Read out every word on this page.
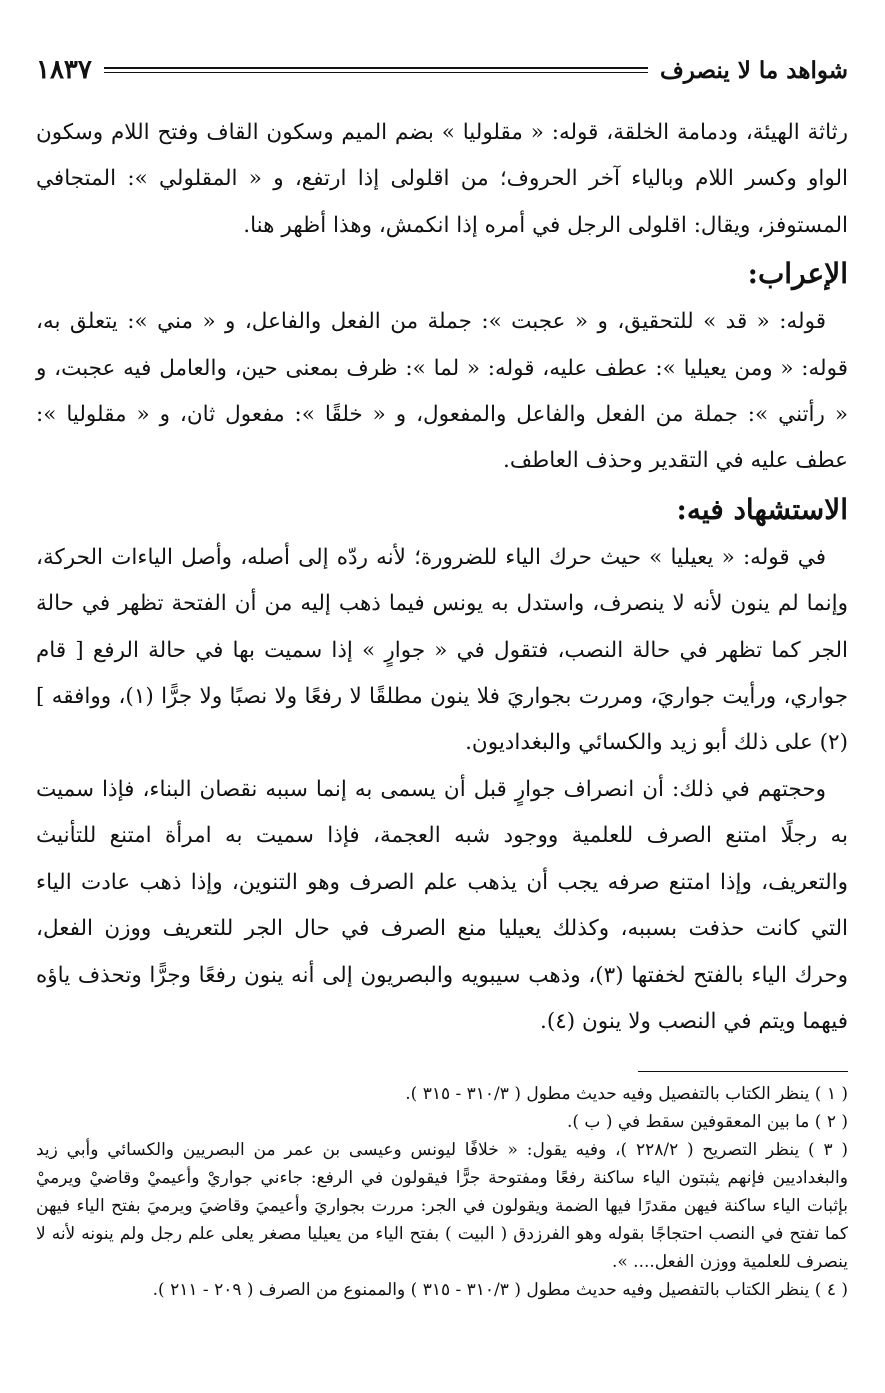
شواهد ما لا ينصرف
١٨٣٧

رثاثة الهيئة، ودمامة الخلقة، قوله: « مقلوليا » بضم الميم وسكون القاف وفتح اللام وسكون الواو وكسر اللام وبالياء آخر الحروف؛ من اقلولى إذا ارتفع، و « المقلولي »: المتجافي المستوفز، ويقال: اقلولى الرجل في أمره إذا انكمش، وهذا أظهر هنا.

الإعراب:

قوله: « قد » للتحقيق، و « عجبت »: جملة من الفعل والفاعل، و « مني »: يتعلق به، قوله: « ومن يعيليا »: عطف عليه، قوله: « لما »: ظرف بمعنى حين، والعامل فيه عجبت، و « رأتني »: جملة من الفعل والفاعل والمفعول، و « خلقًا »: مفعول ثان، و « مقلوليا »: عطف عليه في التقدير وحذف العاطف.

الاستشهاد فيه:

في قوله: « يعيليا » حيث حرك الياء للضرورة؛ لأنه ردّه إلى أصله، وأصل الياءات الحركة، وإنما لم ينون لأنه لا ينصرف، واستدل به يونس فيما ذهب إليه من أن الفتحة تظهر في حالة الجر كما تظهر في حالة النصب، فتقول في « جوارٍ » إذا سميت بها في حالة الرفع [ قام جواري، ورأيت جواريَ، ومررت بجواريَ فلا ينون مطلقًا لا رفعًا ولا نصبًا ولا جرًّا (١)، ووافقه ] (٢) على ذلك أبو زيد والكسائي والبغداديون.

وحجتهم في ذلك: أن انصراف جوارٍ قبل أن يسمى به إنما سببه نقصان البناء، فإذا سميت به رجلًا امتنع الصرف للعلمية ووجود شبه العجمة، فإذا سميت به امرأة امتنع للتأنيث والتعريف، وإذا امتنع صرفه يجب أن يذهب علم الصرف وهو التنوين، وإذا ذهب عادت الياء التي كانت حذفت بسببه، وكذلك يعيليا منع الصرف في حال الجر للتعريف ووزن الفعل، وحرك الياء بالفتح لخفتها (٣)، وذهب سيبويه والبصريون إلى أنه ينون رفعًا وجرًّا وتحذف ياؤه فيهما ويتم في النصب ولا ينون (٤).

( ١ ) ينظر الكتاب بالتفصيل وفيه حديث مطول ( ٣١٠/٣ - ٣١٥ ).

( ٢ ) ما بين المعقوفين سقط في ( ب ).

( ٣ ) ينظر التصريح ( ٢٢٨/٢ )، وفيه يقول: « خلافًا ليونس وعيسى بن عمر من البصريين والكسائي وأبي زيد والبغداديين فإنهم يثبتون الياء ساكنة رفعًا ومفتوحة جرًّا فيقولون في الرفع: جاءني جواريْ وأعيميْ وقاضيْ ويرميْ بإثبات الياء ساكنة فيهن مقدرًا فيها الضمة ويقولون في الجر: مررت بجواريَ وأعيميَ وقاضيَ ويرميَ بفتح الياء فيهن كما تفتح في النصب احتجاجًا بقوله وهو الفرزدق ( البيت ) بفتح الياء من يعيليا مصغر يعلى علم رجل ولم ينونه لأنه لا ينصرف للعلمية ووزن الفعل.... ».

( ٤ ) ينظر الكتاب بالتفصيل وفيه حديث مطول ( ٣١٠/٣ - ٣١٥ ) والممنوع من الصرف ( ٢٠٩ - ٢١١ ).
